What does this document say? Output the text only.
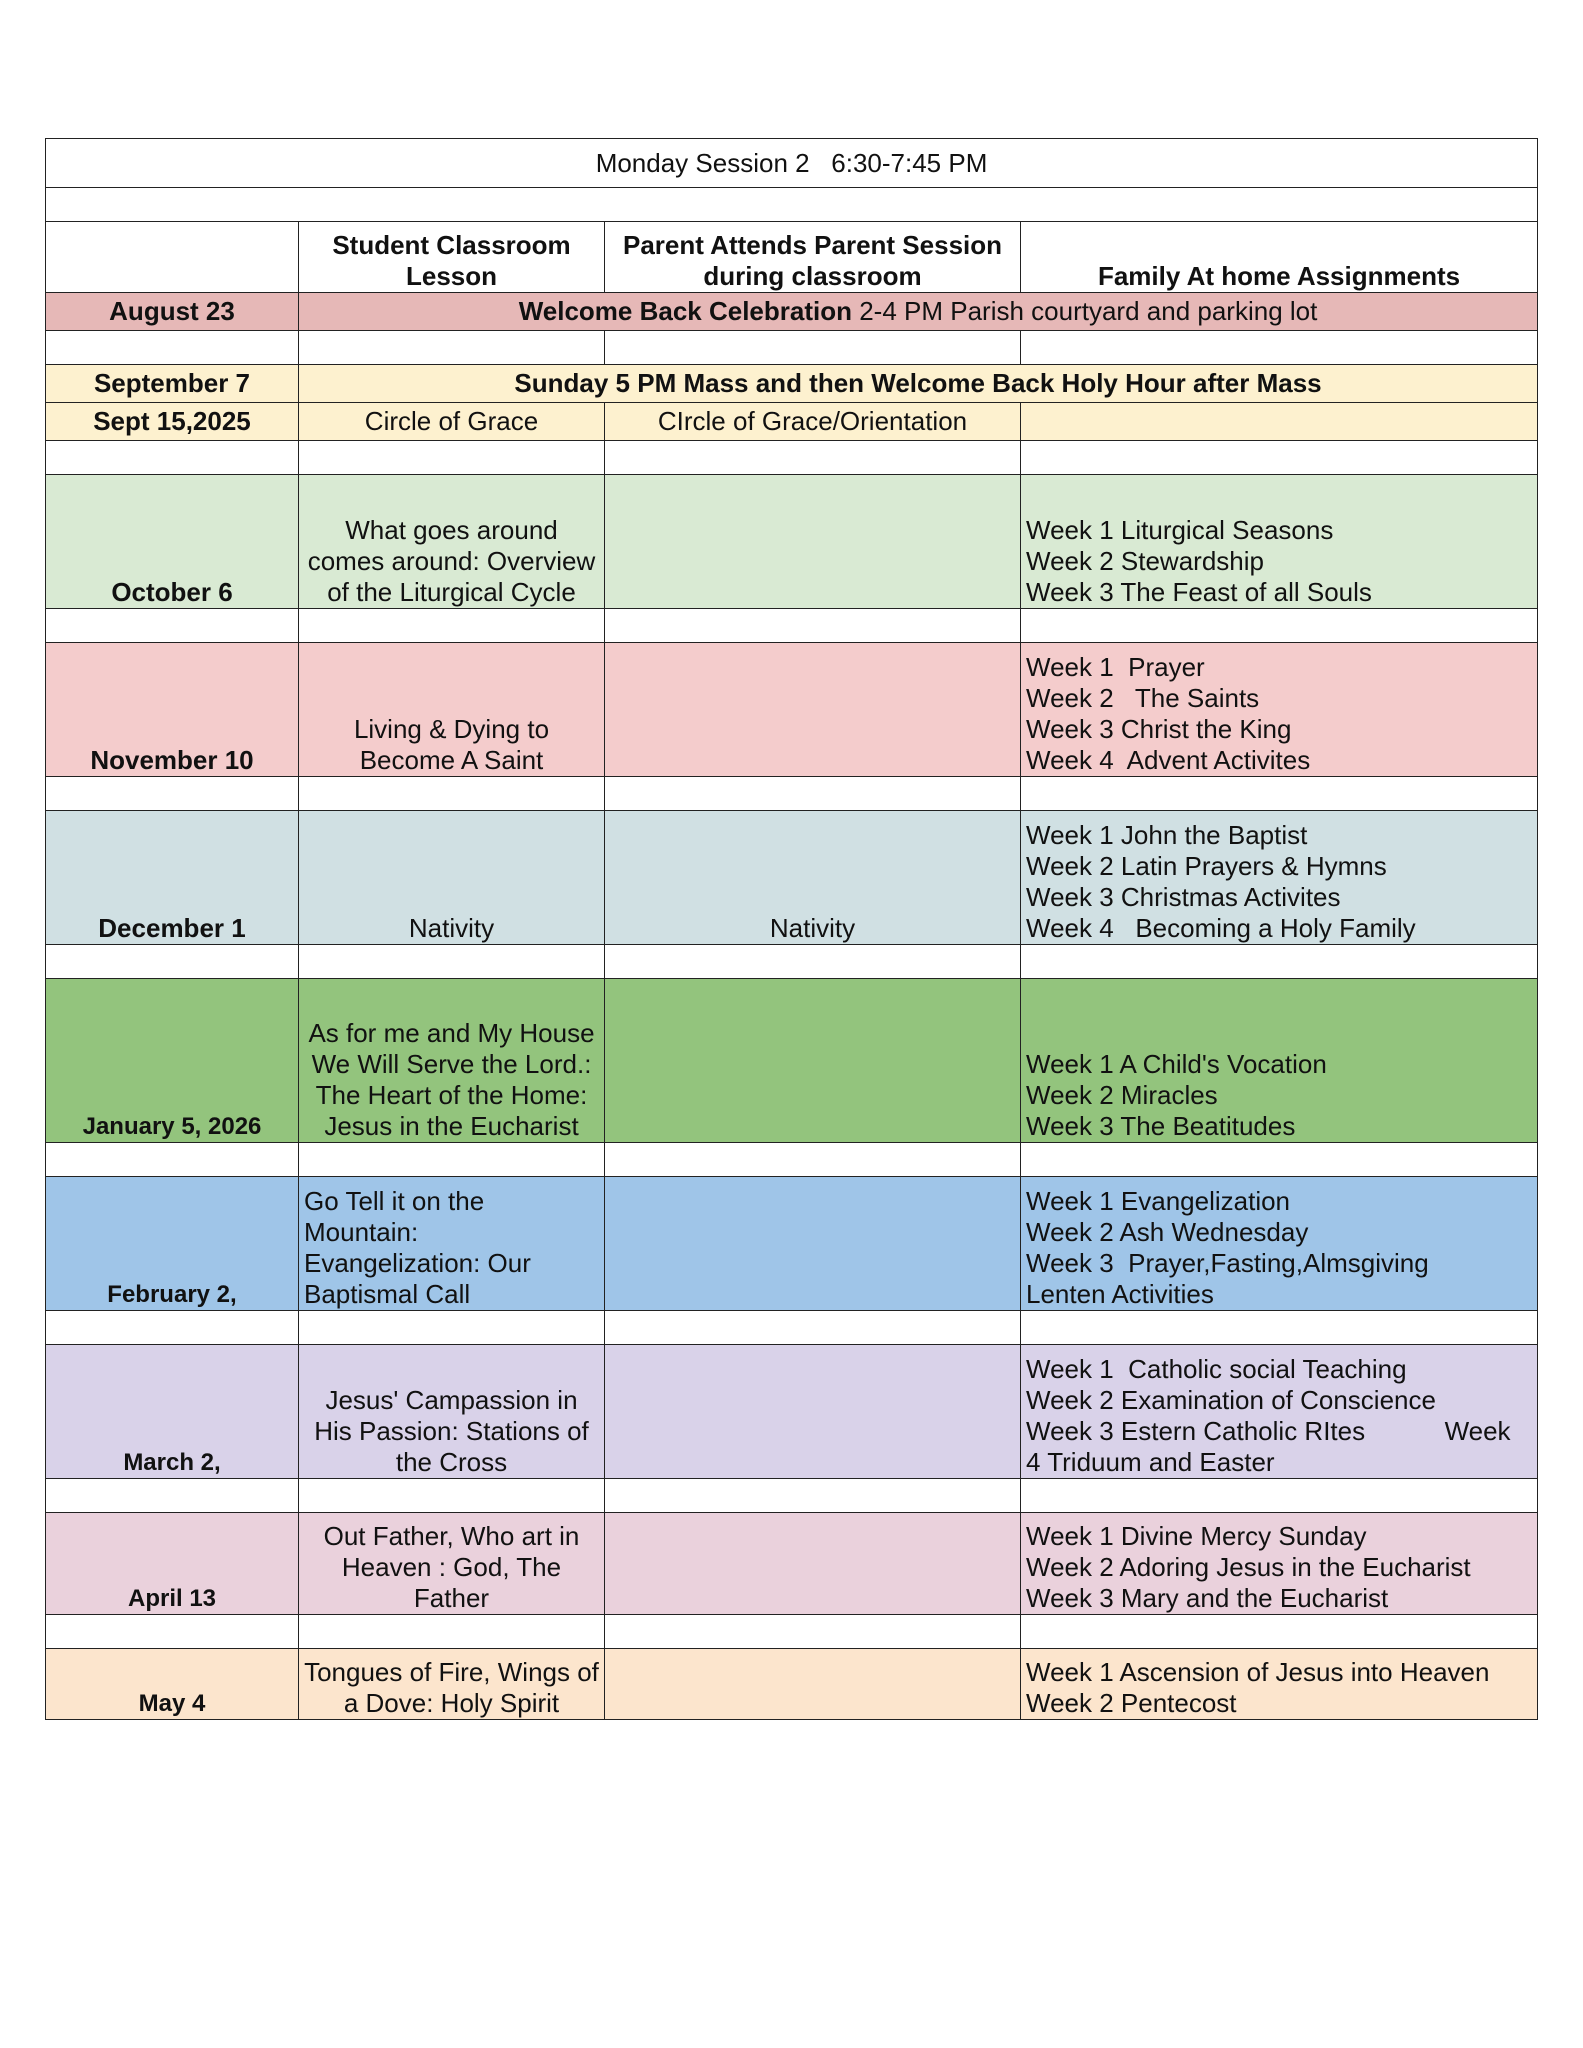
Monday Session 2   6:30-7:45 PM			

	Student Classroom Lesson	Parent Attends Parent Session during classroom	Family At home Assignments
August 23	Welcome Back Celebration 2-4 PM Parish courtyard and parking lot		

September 7	Sunday 5 PM Mass and then Welcome Back Holy Hour after Mass		
Sept 15,2025	Circle of Grace	CIrcle of Grace/Orientation	

October 6	What goes around comes around: Overview of the Liturgical Cycle		Week 1 Liturgical Seasons
Week 2 Stewardship
Week 3 The Feast of all Souls

November 10	Living & Dying to Become A Saint		Week 1  Prayer
Week 2   The Saints
Week 3 Christ the King
Week 4  Advent Activites

December 1	Nativity	Nativity	Week 1 John the Baptist
Week 2 Latin Prayers & Hymns
Week 3 Christmas Activites
Week 4   Becoming a Holy Family

January 5, 2026	As for me and My House We Will Serve the Lord.: The Heart of the Home: Jesus in the Eucharist		Week 1 A Child's Vocation
Week 2 Miracles
Week 3 The Beatitudes

February 2,	Go Tell it on the Mountain: Evangelization: Our Baptismal Call		Week 1 Evangelization
Week 2 Ash Wednesday
Week 3  Prayer,Fasting,Almsgiving
Lenten Activities

March 2,	Jesus' Campassion in His Passion: Stations of the Cross		Week 1  Catholic social Teaching
Week 2 Examination of Conscience
Week 3 Estern Catholic RItes           Week
4 Triduum and Easter

April 13	Out Father, Who art in Heaven : God, The Father		Week 1 Divine Mercy Sunday
Week 2 Adoring Jesus in the Eucharist
Week 3 Mary and the Eucharist

May 4	Tongues of Fire, Wings of a Dove: Holy Spirit		Week 1 Ascension of Jesus into Heaven
Week 2 Pentecost
